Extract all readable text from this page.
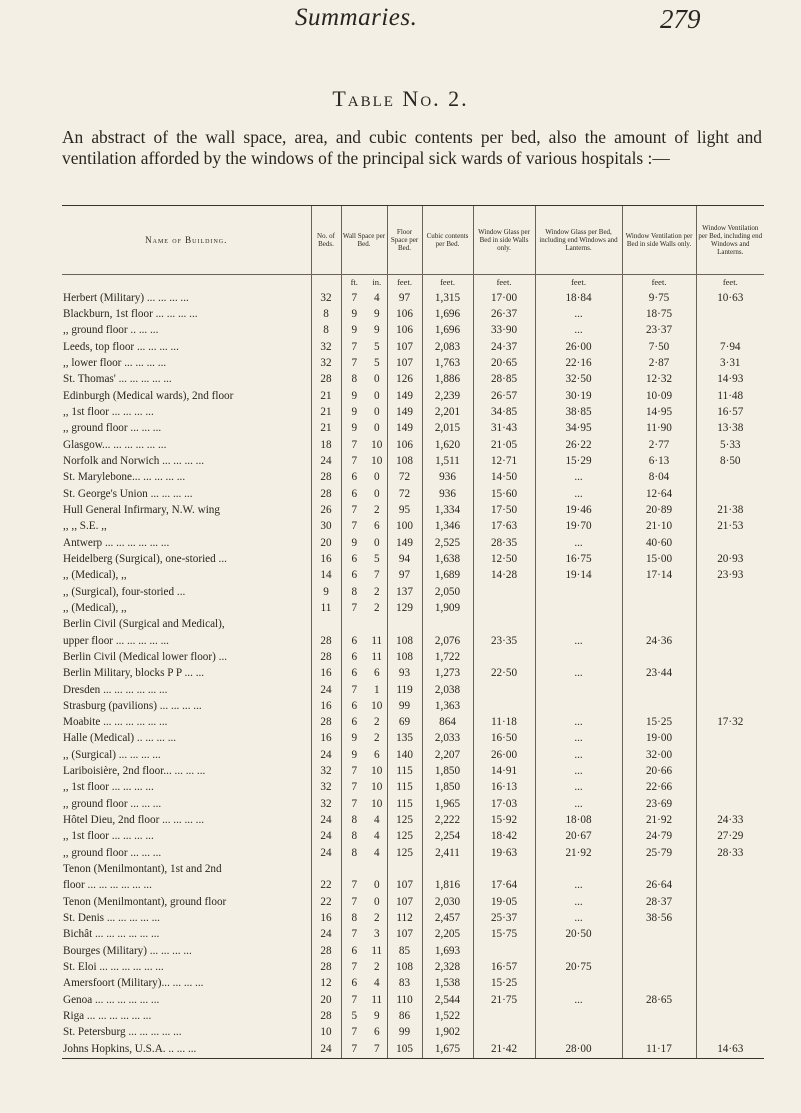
Summaries.	279
Table No. 2.
An abstract of the wall space, area, and cubic contents per bed, also the amount of light and ventilation afforded by the windows of the principal sick wards of various hospitals :—
Name of Building.	No. of Beds.	Wall Space per Bed.		Floor Space per Bed.	Cubic contents per Bed.	Window Glass per Bed in side Walls only.	Window Glass per Bed, including end Windows and Lanterns.	Window Ventilation per Bed in side Walls only.	Window Ventilation per Bed, including end Windows and Lanterns.
		ft.	in.	feet.	feet.	feet.	feet.	feet.	feet.
Herbert (Military) ... ... ... ...	32	7	4	97	1,315	17·00	18·84	9·75	10·63
Blackburn, 1st floor ... ... ... ...	8	9	9	106	1,696	26·37	...	18·75	
,, ground floor .. ... ...	8	9	9	106	1,696	33·90	...	23·37	
Leeds, top floor ... ... ... ...	32	7	5	107	2,083	24·37	26·00	7·50	7·94
,, lower floor ... ... ... ...	32	7	5	107	1,763	20·65	22·16	2·87	3·31
St. Thomas' ... ... ... ... ...	28	8	0	126	1,886	28·85	32·50	12·32	14·93
Edinburgh (Medical wards), 2nd floor	21	9	0	149	2,239	26·57	30·19	10·09	11·48
,, 1st floor ... ... ... ...	21	9	0	149	2,201	34·85	38·85	14·95	16·57
,, ground floor ... ... ...	21	9	0	149	2,015	31·43	34·95	11·90	13·38
Glasgow... ... ... ... ... ...	18	7	10	106	1,620	21·05	26·22	2·77	5·33
Norfolk and Norwich ... ... ... ...	24	7	10	108	1,511	12·71	15·29	6·13	8·50
St. Marylebone... ... ... ... ...	28	6	0	72	936	14·50	...	8·04	
St. George's Union ... ... ... ...	28	6	0	72	936	15·60	...	12·64	
Hull General Infirmary, N.W. wing	26	7	2	95	1,334	17·50	19·46	20·89	21·38
,, ,, S.E. ,,	30	7	6	100	1,346	17·63	19·70	21·10	21·53
Antwerp ... ... ... ... ... ...	20	9	0	149	2,525	28·35	...	40·60	
Heidelberg (Surgical), one-storied ...	16	6	5	94	1,638	12·50	16·75	15·00	20·93
,, (Medical), ,,	14	6	7	97	1,689	14·28	19·14	17·14	23·93
,, (Surgical), four-storied ...	9	8	2	137	2,050				
,, (Medical), ,,	11	7	2	129	1,909				
Berlin Civil (Surgical and Medical),									
upper floor ... ... ... ... ...	28	6	11	108	2,076	23·35	...	24·36	
Berlin Civil (Medical lower floor) ...	28	6	11	108	1,722				
Berlin Military, blocks P P ... ...	16	6	6	93	1,273	22·50	...	23·44	
Dresden ... ... ... ... ... ...	24	7	1	119	2,038				
Strasburg (pavilions) ... ... ... ...	16	6	10	99	1,363				
Moabite ... ... ... ... ... ...	28	6	2	69	864	11·18	...	15·25	17·32
Halle (Medical) .. ... ... ...	16	9	2	135	2,033	16·50	...	19·00	
,, (Surgical) ... ... ... ...	24	9	6	140	2,207	26·00	...	32·00	
Lariboisière, 2nd floor... ... ... ...	32	7	10	115	1,850	14·91	...	20·66	
,, 1st floor ... ... ... ...	32	7	10	115	1,850	16·13	...	22·66	
,, ground floor ... ... ...	32	7	10	115	1,965	17·03	...	23·69	
Hôtel Dieu, 2nd floor ... ... ... ...	24	8	4	125	2,222	15·92	18·08	21·92	24·33
,, 1st floor ... ... ... ...	24	8	4	125	2,254	18·42	20·67	24·79	27·29
,, ground floor ... ... ...	24	8	4	125	2,411	19·63	21·92	25·79	28·33
Tenon (Menilmontant), 1st and 2nd									
floor ... ... ... ... ... ...	22	7	0	107	1,816	17·64	...	26·64	
Tenon (Menilmontant), ground floor	22	7	0	107	2,030	19·05	...	28·37	
St. Denis ... ... ... ... ...	16	8	2	112	2,457	25·37	...	38·56	
Bichât ... ... ... ... ... ...	24	7	3	107	2,205	15·75	20·50		
Bourges (Military) ... ... ... ...	28	6	11	85	1,693				
St. Eloi ... ... ... ... ... ...	28	7	2	108	2,328	16·57	20·75		
Amersfoort (Military)... ... ... ...	12	6	4	83	1,538	15·25			
Genoa ... ... ... ... ... ...	20	7	11	110	2,544	21·75	...	28·65	
Riga ... ... ... ... ... ...	28	5	9	86	1,522				
St. Petersburg ... ... ... ... ...	10	7	6	99	1,902				
Johns Hopkins, U.S.A. .. ... ...	24	7	7	105	1,675	21·42	28·00	11·17	14·63
